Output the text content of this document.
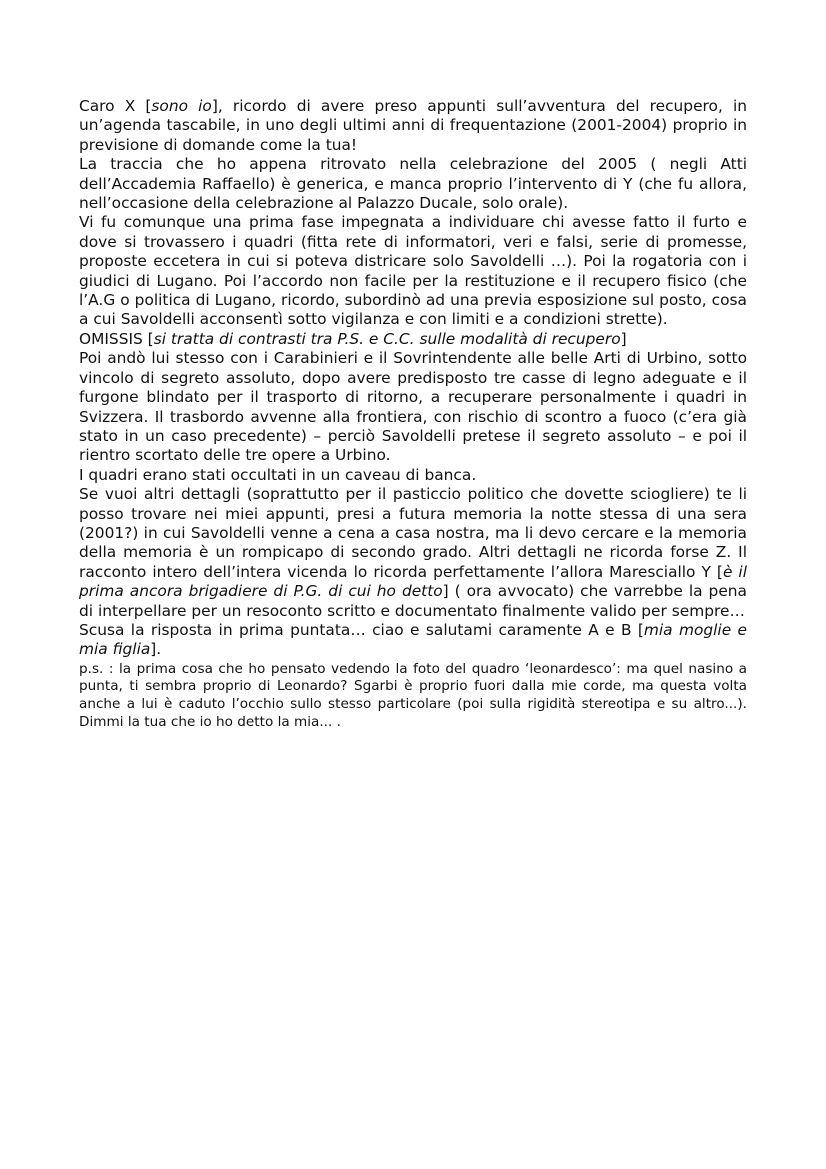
Caro X [sono io], ricordo di avere preso appunti sull’avventura del recupero, in un’agenda tascabile, in uno degli ultimi anni di frequentazione (2001-2004) proprio in previsione di domande come la tua!

La traccia che ho appena ritrovato nella celebrazione del 2005 ( negli Atti dell’Accademia Raffaello) è generica, e manca proprio l’intervento di Y (che fu allora, nell’occasione della celebrazione al Palazzo Ducale, solo orale).

Vi fu comunque una prima fase impegnata a individuare chi avesse fatto il furto e dove si trovassero i quadri (fitta rete di informatori, veri e falsi, serie di promesse, proposte eccetera in cui si poteva districare solo Savoldelli …). Poi la rogatoria con i giudici di Lugano. Poi l’accordo non facile per la restituzione e il recupero fisico (che l’A.G o politica di Lugano, ricordo, subordinò ad una previa esposizione sul posto, cosa a cui Savoldelli acconsentì sotto vigilanza e con limiti e a condizioni strette).

OMISSIS [si tratta di contrasti tra P.S. e C.C. sulle modalità di recupero]

Poi andò lui stesso con i Carabinieri e il Sovrintendente alle belle Arti di Urbino, sotto vincolo di segreto assoluto, dopo avere predisposto tre casse di legno adeguate e il furgone blindato per il trasporto di ritorno, a recuperare personalmente i quadri in Svizzera. Il trasbordo avvenne alla frontiera, con rischio di scontro a fuoco (c’era già stato in un caso precedente) – perciò Savoldelli pretese il segreto assoluto – e poi il rientro scortato delle tre opere a Urbino.

I quadri erano stati occultati in un caveau di banca.

Se vuoi altri dettagli (soprattutto per il pasticcio politico che dovette sciogliere) te li posso trovare nei miei appunti, presi a futura memoria la notte stessa di una sera (2001?) in cui Savoldelli venne a cena a casa nostra, ma li devo cercare e la memoria della memoria è un rompicapo di secondo grado. Altri dettagli ne ricorda forse Z. Il racconto intero dell’intera vicenda lo ricorda perfettamente l’allora Maresciallo Y [è il prima ancora brigadiere di P.G. di cui ho detto] ( ora avvocato) che varrebbe la pena di interpellare per un resoconto scritto e documentato finalmente valido per sempre…

Scusa la risposta in prima puntata… ciao e salutami caramente A e B [mia moglie e mia figlia].

p.s. : la prima cosa che ho pensato vedendo la foto del quadro ‘leonardesco’: ma quel nasino a punta, ti sembra proprio di Leonardo? Sgarbi è proprio fuori dalla mie corde, ma questa volta anche a lui è caduto l’occhio sullo stesso particolare (poi sulla rigidità stereotipa e su altro...). Dimmi la tua che io ho detto la mia... .
